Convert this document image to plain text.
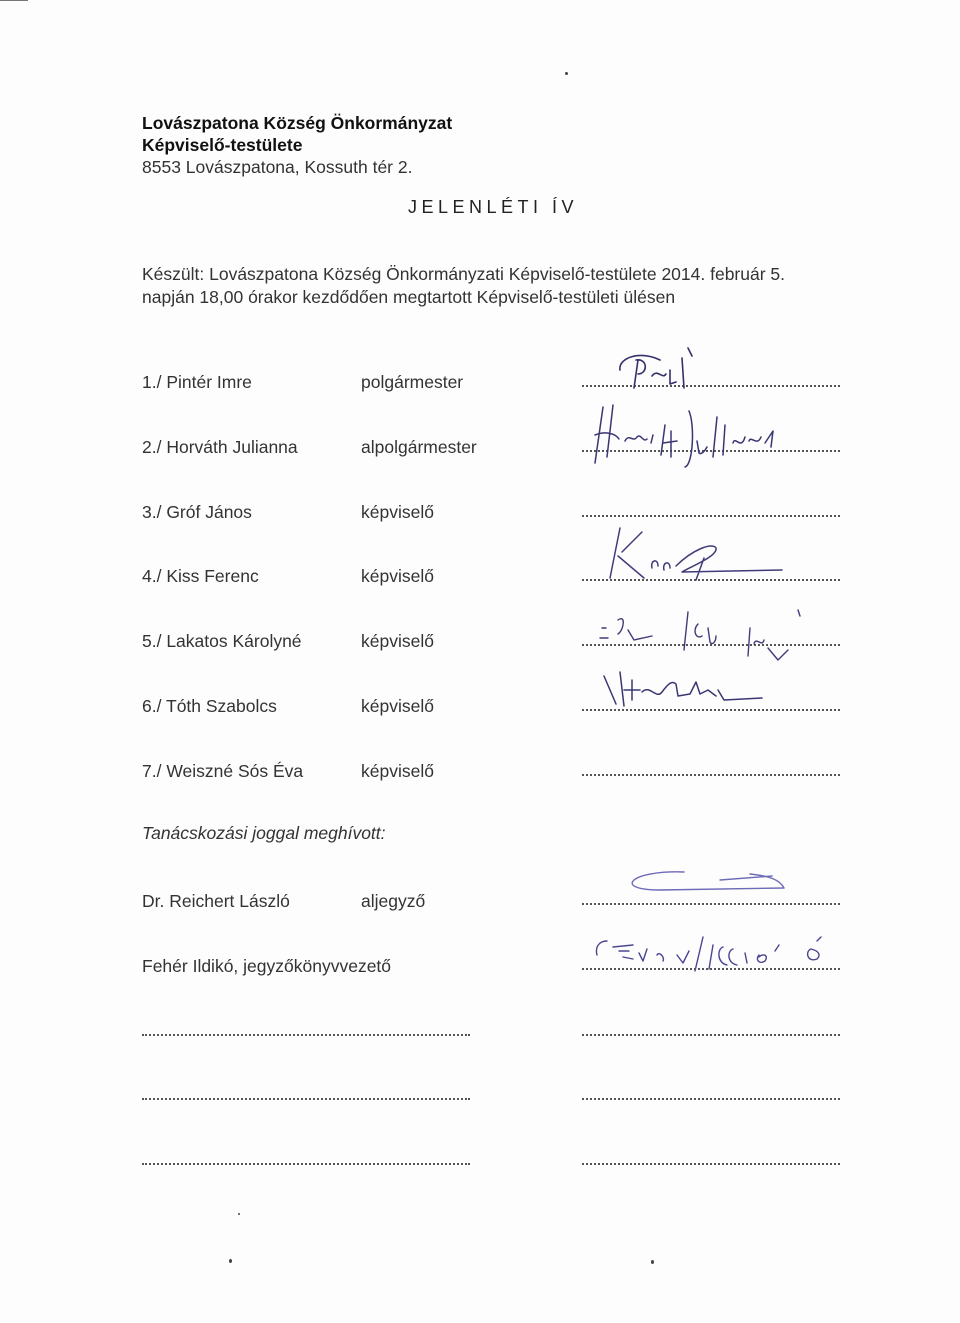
Lovászpatona Község Önkormányzat
Képviselő-testülete
8553 Lovászpatona, Kossuth tér 2.
JELENLÉTI ÍV
Készült: Lovászpatona Község Önkormányzati Képviselő-testülete 2014. február 5.
napján 18,00 órakor kezdődően megtartott Képviselő-testületi ülésen
1./ Pintér Imre	polgármester
2./ Horváth Julianna	alpolgármester
3./ Gróf János	képviselő
4./ Kiss Ferenc	képviselő
5./ Lakatos Károlyné	képviselő
6./ Tóth Szabolcs	képviselő
7./ Weiszné Sós Éva	képviselő
Tanácskozási joggal meghívott:
Dr. Reichert László	aljegyző
Fehér Ildikó, jegyzőkönyvvezető
